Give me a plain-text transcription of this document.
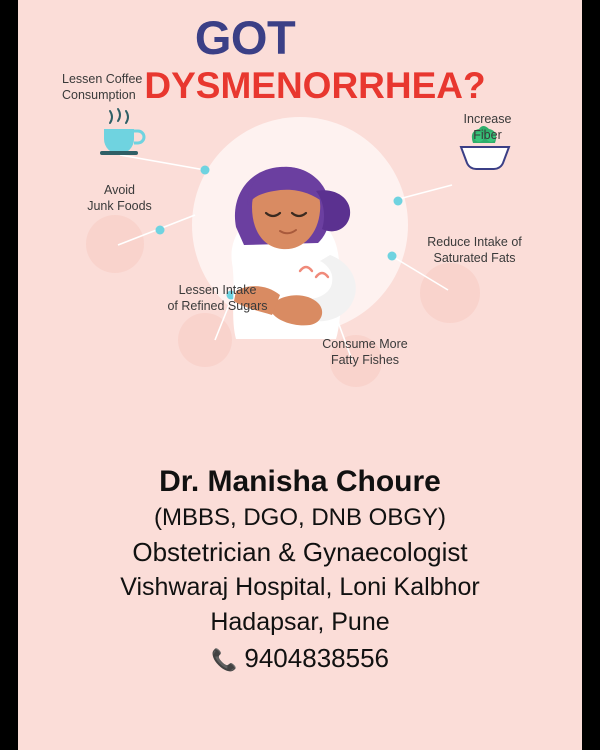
GOT
DYSMENORRHEA?
Lessen Coffee
Consumption
Avoid
Junk Foods
Lessen Intake
of Refined Sugars
Consume More
Fatty Fishes
Reduce Intake of
Saturated Fats
Increase
Fiber
Dr. Manisha Choure
(MBBS, DGO, DNB OBGY)
Obstetrician & Gynaecologist
Vishwaraj Hospital, Loni Kalbhor
Hadapsar, Pune
📞 9404838556
